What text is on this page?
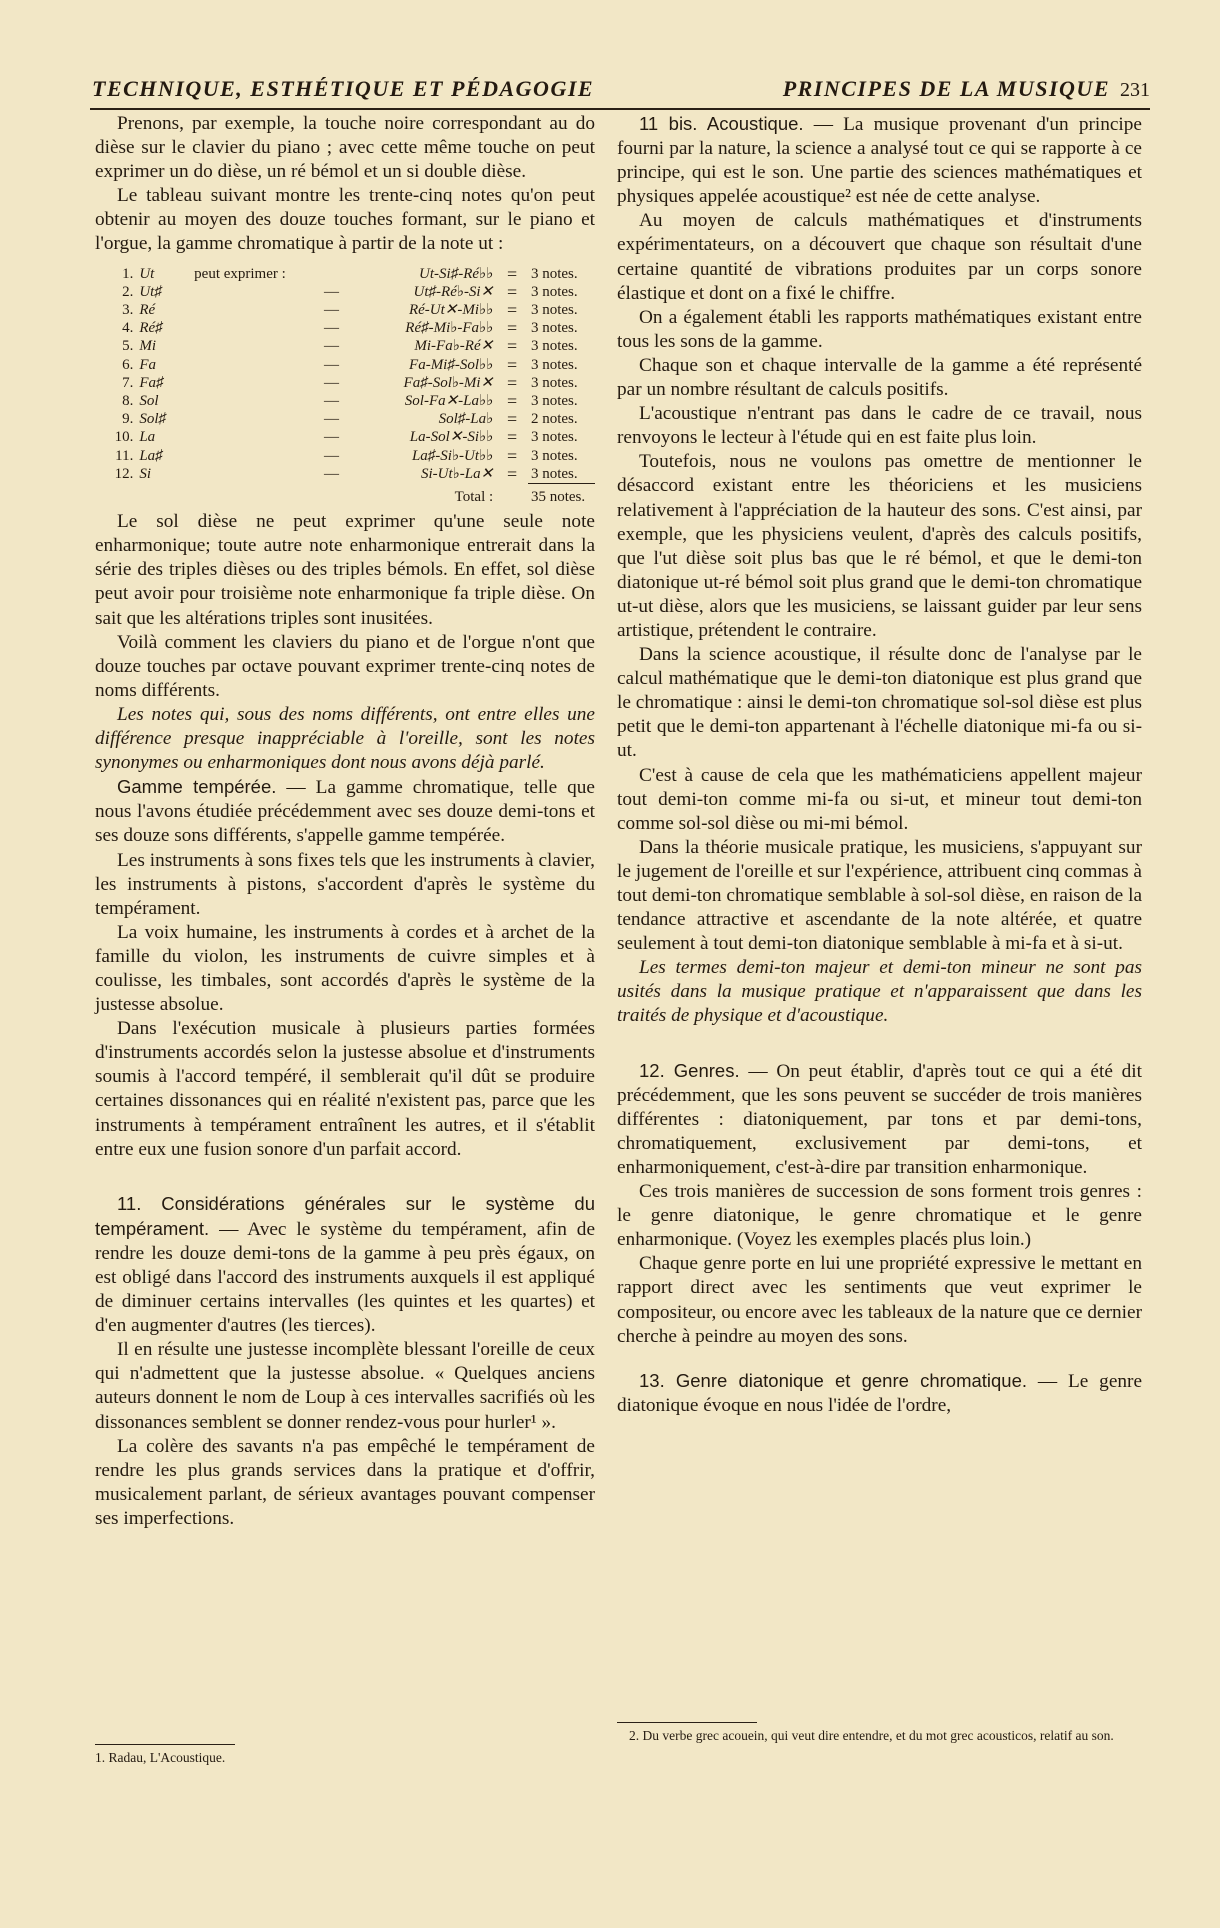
TECHNIQUE, ESTHÉTIQUE ET PÉDAGOGIE	PRINCIPES DE LA MUSIQUE 231

Prenons, par exemple, la touche noire correspondant au do dièse sur le clavier du piano ; avec cette même touche on peut exprimer un do dièse, un ré bémol et un si double dièse.

Le tableau suivant montre les trente-cinq notes qu'on peut obtenir au moyen des douze touches formant, sur le piano et l'orgue, la gamme chromatique à partir de la note ut :

1.	Ut	peut exprimer :		Ut-Si♯-Ré♭♭	=	3 notes.
2.	Ut♯		—	Ut♯-Ré♭-Si✕	=	3 notes.
3.	Ré		—	Ré-Ut✕-Mi♭♭	=	3 notes.
4.	Ré♯		—	Ré♯-Mi♭-Fa♭♭	=	3 notes.
5.	Mi		—	Mi-Fa♭-Ré✕	=	3 notes.
6.	Fa		—	Fa-Mi♯-Sol♭♭	=	3 notes.
7.	Fa♯		—	Fa♯-Sol♭-Mi✕	=	3 notes.
8.	Sol		—	Sol-Fa✕-La♭♭	=	3 notes.
9.	Sol♯		—	Sol♯-La♭	=	2 notes.
10.	La		—	La-Sol✕-Si♭♭	=	3 notes.
11.	La♯		—	La♯-Si♭-Ut♭♭	=	3 notes.
12.	Si		—	Si-Ut♭-La✕	=	3 notes.
				Total :		35 notes.

Le sol dièse ne peut exprimer qu'une seule note enharmonique; toute autre note enharmonique entrerait dans la série des triples dièses ou des triples bémols. En effet, sol dièse peut avoir pour troisième note enharmonique fa triple dièse. On sait que les altérations triples sont inusitées.

Voilà comment les claviers du piano et de l'orgue n'ont que douze touches par octave pouvant exprimer trente-cinq notes de noms différents.

Les notes qui, sous des noms différents, ont entre elles une différence presque inappréciable à l'oreille, sont les notes synonymes ou enharmoniques dont nous avons déjà parlé.

Gamme tempérée. — La gamme chromatique, telle que nous l'avons étudiée précédemment avec ses douze demi-tons et ses douze sons différents, s'appelle gamme tempérée.

Les instruments à sons fixes tels que les instruments à clavier, les instruments à pistons, s'accordent d'après le système du tempérament.

La voix humaine, les instruments à cordes et à archet de la famille du violon, les instruments de cuivre simples et à coulisse, les timbales, sont accordés d'après le système de la justesse absolue.

Dans l'exécution musicale à plusieurs parties formées d'instruments accordés selon la justesse absolue et d'instruments soumis à l'accord tempéré, il semblerait qu'il dût se produire certaines dissonances qui en réalité n'existent pas, parce que les instruments à tempérament entraînent les autres, et il s'établit entre eux une fusion sonore d'un parfait accord.

11. Considérations générales sur le système du tempérament. — Avec le système du tempérament, afin de rendre les douze demi-tons de la gamme à peu près égaux, on est obligé dans l'accord des instruments auxquels il est appliqué de diminuer certains intervalles (les quintes et les quartes) et d'en augmenter d'autres (les tierces).

Il en résulte une justesse incomplète blessant l'oreille de ceux qui n'admettent que la justesse absolue. « Quelques anciens auteurs donnent le nom de Loup à ces intervalles sacrifiés où les dissonances semblent se donner rendez-vous pour hurler¹ ».

La colère des savants n'a pas empêché le tempérament de rendre les plus grands services dans la pratique et d'offrir, musicalement parlant, de sérieux avantages pouvant compenser ses imperfections.

1. Radau, L'Acoustique.

11 bis. Acoustique. — La musique provenant d'un principe fourni par la nature, la science a analysé tout ce qui se rapporte à ce principe, qui est le son. Une partie des sciences mathématiques et physiques appelée acoustique² est née de cette analyse.

Au moyen de calculs mathématiques et d'instruments expérimentateurs, on a découvert que chaque son résultait d'une certaine quantité de vibrations produites par un corps sonore élastique et dont on a fixé le chiffre.

On a également établi les rapports mathématiques existant entre tous les sons de la gamme.

Chaque son et chaque intervalle de la gamme a été représenté par un nombre résultant de calculs positifs.

L'acoustique n'entrant pas dans le cadre de ce travail, nous renvoyons le lecteur à l'étude qui en est faite plus loin.

Toutefois, nous ne voulons pas omettre de mentionner le désaccord existant entre les théoriciens et les musiciens relativement à l'appréciation de la hauteur des sons. C'est ainsi, par exemple, que les physiciens veulent, d'après des calculs positifs, que l'ut dièse soit plus bas que le ré bémol, et que le demi-ton diatonique ut-ré bémol soit plus grand que le demi-ton chromatique ut-ut dièse, alors que les musiciens, se laissant guider par leur sens artistique, prétendent le contraire.

Dans la science acoustique, il résulte donc de l'analyse par le calcul mathématique que le demi-ton diatonique est plus grand que le chromatique : ainsi le demi-ton chromatique sol-sol dièse est plus petit que le demi-ton appartenant à l'échelle diatonique mi-fa ou si-ut.

C'est à cause de cela que les mathématiciens appellent majeur tout demi-ton comme mi-fa ou si-ut, et mineur tout demi-ton comme sol-sol dièse ou mi-mi bémol.

Dans la théorie musicale pratique, les musiciens, s'appuyant sur le jugement de l'oreille et sur l'expérience, attribuent cinq commas à tout demi-ton chromatique semblable à sol-sol dièse, en raison de la tendance attractive et ascendante de la note altérée, et quatre seulement à tout demi-ton diatonique semblable à mi-fa et à si-ut.

Les termes demi-ton majeur et demi-ton mineur ne sont pas usités dans la musique pratique et n'apparaissent que dans les traités de physique et d'acoustique.

12. Genres. — On peut établir, d'après tout ce qui a été dit précédemment, que les sons peuvent se succéder de trois manières différentes : diatoniquement, par tons et par demi-tons, chromatiquement, exclusivement par demi-tons, et enharmoniquement, c'est-à-dire par transition enharmonique.

Ces trois manières de succession de sons forment trois genres : le genre diatonique, le genre chromatique et le genre enharmonique. (Voyez les exemples placés plus loin.)

Chaque genre porte en lui une propriété expressive le mettant en rapport direct avec les sentiments que veut exprimer le compositeur, ou encore avec les tableaux de la nature que ce dernier cherche à peindre au moyen des sons.

13. Genre diatonique et genre chromatique. — Le genre diatonique évoque en nous l'idée de l'ordre,

2. Du verbe grec acouein, qui veut dire entendre, et du mot grec acousticos, relatif au son.
